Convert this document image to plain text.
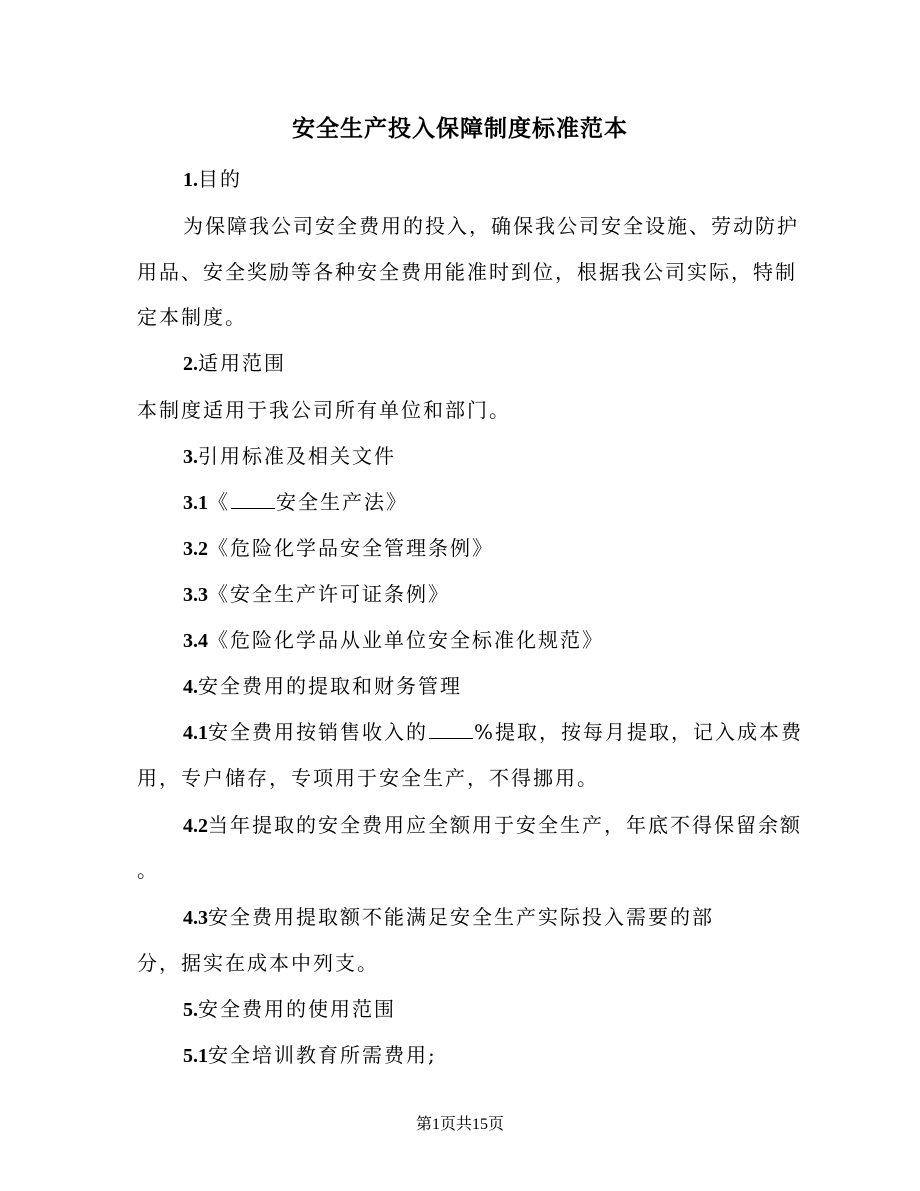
安全生产投入保障制度标准范本
1.目的
为保障我公司安全费用的投入，确保我公司安全设施、劳动防护
用品、安全奖励等各种安全费用能准时到位，根据我公司实际，特制
定本制度。
2.适用范围
本制度适用于我公司所有单位和部门。
3.引用标准及相关文件
3.1《 安全生产法》
3.2《危险化学品安全管理条例》
3.3《安全生产许可证条例》
3.4《危险化学品从业单位安全标准化规范》
4.安全费用的提取和财务管理
4.1安全费用按销售收入的 %提取，按每月提取，记入成本费
用，专户储存，专项用于安全生产，不得挪用。
4.2当年提取的安全费用应全额用于安全生产，年底不得保留余额
。
4.3安全费用提取额不能满足安全生产实际投入需要的部
分，据实在成本中列支。
5.安全费用的使用范围
5.1安全培训教育所需费用;
第1页共15页
